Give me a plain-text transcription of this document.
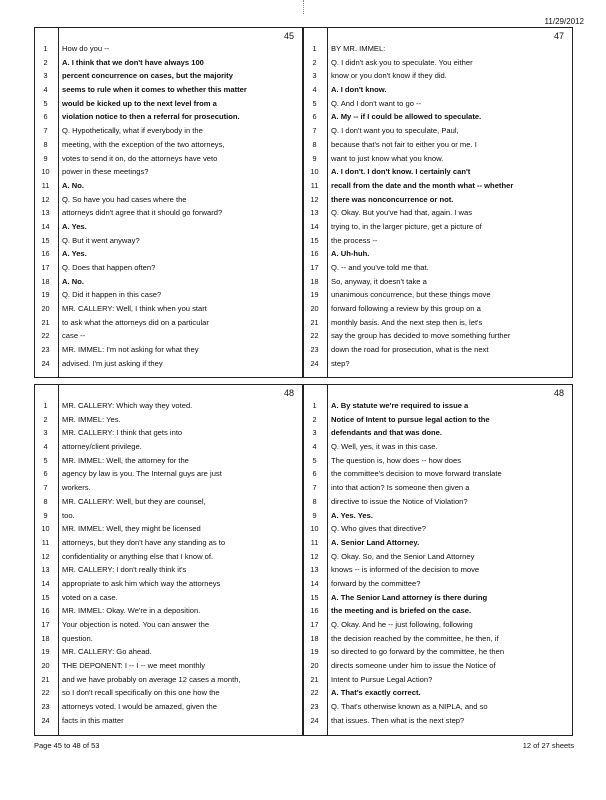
11/29/2012
45
1	How do you --
2	A. I think that we don't have always 100
3	percent concurrence on cases, but the majority
4	seems to rule when it comes to whether this matter
5	would be kicked up to the next level from a
6	violation notice to then a referral for prosecution.
7	Q. Hypothetically, what if everybody in the
8	meeting, with the exception of the two attorneys,
9	votes to send it on, do the attorneys have veto
10	power in these meetings?
11	A. No.
12	Q. So have you had cases where the
13	attorneys didn't agree that it should go forward?
14	A. Yes.
15	Q. But it went anyway?
16	A. Yes.
17	Q. Does that happen often?
18	A. No.
19	Q. Did it happen in this case?
20	MR. CALLERY: Well, I think when you start
21	to ask what the attorneys did on a particular
22	case --
23	MR. IMMEL: I'm not asking for what they
24	advised. I'm just asking if they
47
1	BY MR. IMMEL:
2	Q. I didn't ask you to speculate. You either
3	know or you don't know if they did.
4	A. I don't know.
5	Q. And I don't want to go --
6	A. My -- if I could be allowed to speculate.
7	Q. I don't want you to speculate, Paul,
8	because that's not fair to either you or me. I
9	want to just know what you know.
10	A. I don't. I don't know. I certainly can't
11	recall from the date and the month what -- whether
12	there was nonconcurrence or not.
13	Q. Okay. But you've had that, again. I was
14	trying to, in the larger picture, get a picture of
15	the process --
16	A. Uh-huh.
17	Q. -- and you've told me that.
18	So, anyway, it doesn't take a
19	unanimous concurrence, but these things move
20	forward following a review by this group on a
21	monthly basis. And the next step then is, let's
22	say the group has decided to move something further
23	down the road for prosecution, what is the next
24	step?
48
1	MR. CALLERY: Which way they voted.
2	MR. IMMEL: Yes.
3	MR. CALLERY: I think that gets into
4	attorney/client privilege.
5	MR. IMMEL: Well, the attorney for the
6	agency by law is you. The Internal guys are just
7	workers.
8	MR. CALLERY: Well, but they are counsel,
9	too.
10	MR. IMMEL: Well, they might be licensed
11	attorneys, but they don't have any standing as to
12	confidentiality or anything else that I know of.
13	MR. CALLERY: I don't really think it's
14	appropriate to ask him which way the attorneys
15	voted on a case.
16	MR. IMMEL: Okay. We're in a deposition.
17	Your objection is noted. You can answer the
18	question.
19	MR. CALLERY: Go ahead.
20	THE DEPONENT: I -- I -- we meet monthly
21	and we have probably on average 12 cases a month,
22	so I don't recall specifically on this one how the
23	attorneys voted. I would be amazed, given the
24	facts in this matter
48
1	A. By statute we're required to issue a
2	Notice of Intent to pursue legal action to the
3	defendants and that was done.
4	Q. Well, yes, it was in this case.
5	The question is, how does -- how does
6	the committee's decision to move forward translate
7	into that action? Is someone then given a
8	directive to issue the Notice of Violation?
9	A. Yes. Yes.
10	Q. Who gives that directive?
11	A. Senior Land Attorney.
12	Q. Okay. So, and the Senior Land Attorney
13	knows -- is informed of the decision to move
14	forward by the committee?
15	A. The Senior Land attorney is there during
16	the meeting and is briefed on the case.
17	Q. Okay. And he -- just following, following
18	the decision reached by the committee, he then, if
19	so directed to go forward by the committee, he then
20	directs someone under him to issue the Notice of
21	Intent to Pursue Legal Action?
22	A. That's exactly correct.
23	Q. That's otherwise known as a NIPLA, and so
24	that issues. Then what is the next step?
Page 45 to 48 of 53	12 of 27 sheets
